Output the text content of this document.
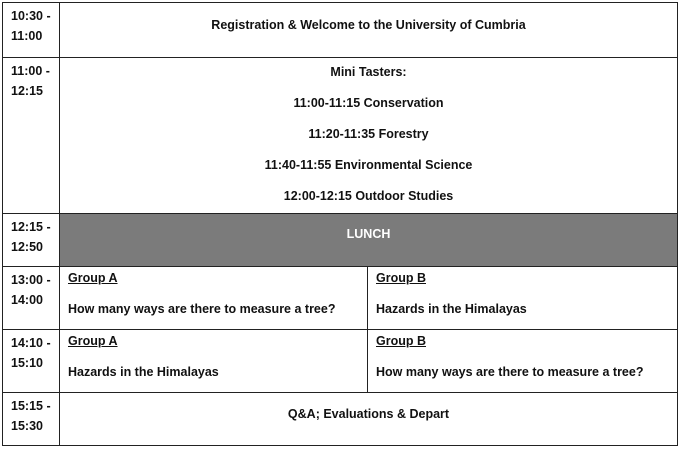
10:30 -
11:00
Registration & Welcome to the University of Cumbria
11:00 -
12:15
Mini Tasters:
11:00-11:15 Conservation
11:20-11:35 Forestry
11:40-11:55 Environmental Science
12:00-12:15 Outdoor Studies
12:15 -
12:50
LUNCH
13:00 -
14:00
Group A
How many ways are there to measure a tree?
Group B
Hazards in the Himalayas
14:10 -
15:10
Group A
Hazards in the Himalayas
Group B
How many ways are there to measure a tree?
15:15 -
15:30
Q&A; Evaluations & Depart
